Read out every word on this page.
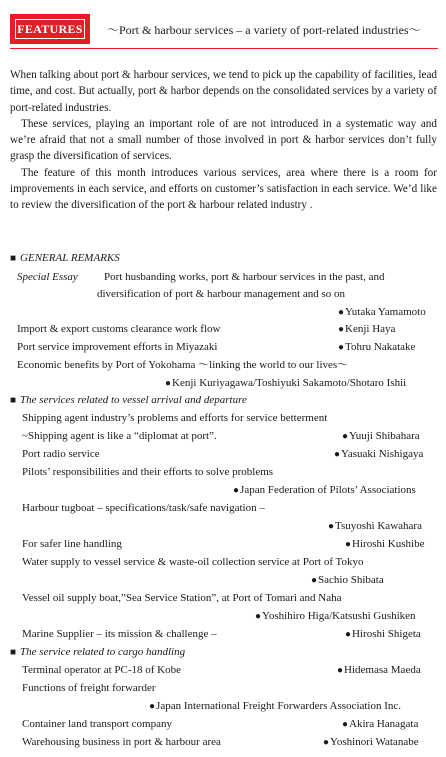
FEATURES ～Port & harbour services – a variety of port-related industries～

When talking about port & harbour services, we tend to pick up the capability of facilities, lead time, and cost. But actually, port & harbor depends on the consolidated services by a variety of port-related industries.

These services, playing an important role of are not introduced in a systematic way and we’re afraid that not a small number of those involved in port & harbor services don’t fully grasp the diversification of services.

The feature of this month introduces various services, area where there is a room for improvements in each service, and efforts on customer’s satisfaction in each service. We’d like to review the diversification of the port & harbour related industry .

■ GENERAL REMARKS
Special Essay Port husbanding works, port & harbour services in the past, and
diversification of port & harbour management and so on
●Yutaka Yamamoto
Import & export customs clearance work flow	●Kenji Haya
Port service improvement efforts in Miyazaki	●Tohru Nakatake
Economic benefits by Port of Yokohama ～linking the world to our lives～
●Kenji Kuriyagawa/Toshiyuki Sakamoto/Shotaro Ishii
■ The services related to vessel arrival and departure
Shipping agent industry’s problems and efforts for service betterment
~Shipping agent is like a “diplomat at port”.	●Yuuji Shibahara
Port radio service	●Yasuaki Nishigaya
Pilots’ responsibilities and their efforts to solve problems
●Japan Federation of Pilots’ Associations
Harbour tugboat – specifications/task/safe navigation –
●Tsuyoshi Kawahara
For safer line handling	●Hiroshi Kushibe
Water supply to vessel service & waste-oil collection service at Port of Tokyo
●Sachio Shibata
Vessel oil supply boat,”Sea Service Station”, at Port of Tomari and Naha
●Yoshihiro Higa/Katsushi Gushiken
Marine Supplier – its mission & challenge –	●Hiroshi Shigeta
■ The service related to cargo handling
Terminal operator at PC-18 of Kobe	●Hidemasa Maeda
Functions of freight forwarder
●Japan International Freight Forwarders Association Inc.
Container land transport company	●Akira Hanagata
Warehousing business in port & harbour area	●Yoshinori Watanabe
